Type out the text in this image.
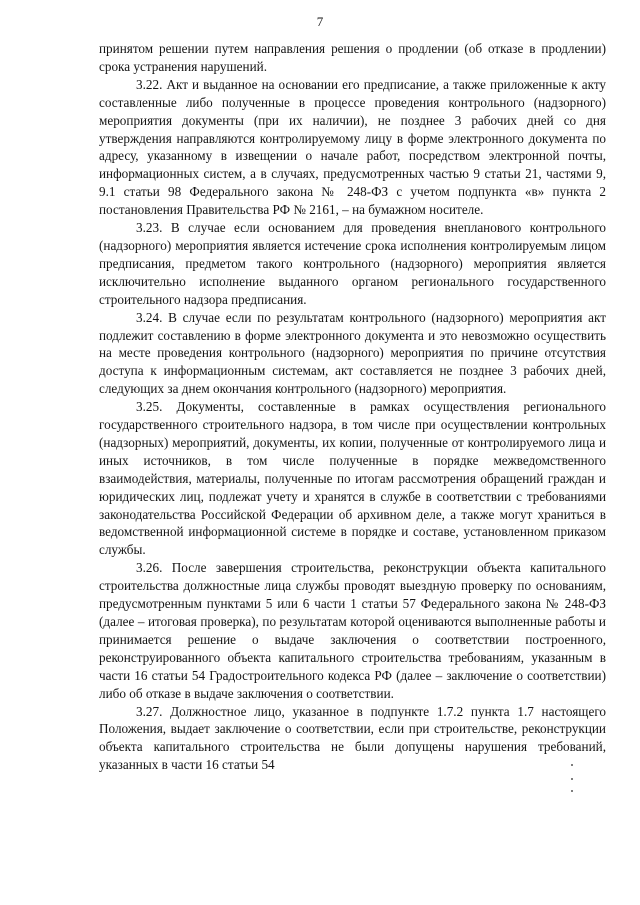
7

принятом решении путем направления решения о продлении (об отказе в продлении) срока устранения нарушений.

3.22. Акт и выданное на основании его предписание, а также приложенные к акту составленные либо полученные в процессе проведения контрольного (надзорного) мероприятия документы (при их наличии), не позднее 3 рабочих дней со дня утверждения направляются контролируемому лицу в форме электронного документа по адресу, указанному в извещении о начале работ, посредством электронной почты, информационных систем, а в случаях, предусмотренных частью 9 статьи 21, частями 9, 9.1 статьи 98 Федерального закона № 248-ФЗ с учетом подпункта «в» пункта 2 постановления Правительства РФ № 2161, – на бумажном носителе.

3.23. В случае если основанием для проведения внепланового контрольного (надзорного) мероприятия является истечение срока исполнения контролируемым лицом предписания, предметом такого контрольного (надзорного) мероприятия является исключительно исполнение выданного органом регионального государственного строительного надзора предписания.

3.24. В случае если по результатам контрольного (надзорного) мероприятия акт подлежит составлению в форме электронного документа и это невозможно осуществить на месте проведения контрольного (надзорного) мероприятия по причине отсутствия доступа к информационным системам, акт составляется не позднее 3 рабочих дней, следующих за днем окончания контрольного (надзорного) мероприятия.

3.25. Документы, составленные в рамках осуществления регионального государственного строительного надзора, в том числе при осуществлении контрольных (надзорных) мероприятий, документы, их копии, полученные от контролируемого лица и иных источников, в том числе полученные в порядке межведомственного взаимодействия, материалы, полученные по итогам рассмотрения обращений граждан и юридических лиц, подлежат учету и хранятся в службе в соответствии с требованиями законодательства Российской Федерации об архивном деле, а также могут храниться в ведомственной информационной системе в порядке и составе, установленном приказом службы.

3.26. После завершения строительства, реконструкции объекта капитального строительства должностные лица службы проводят выездную проверку по основаниям, предусмотренным пунктами 5 или 6 части 1 статьи 57 Федерального закона № 248-ФЗ (далее – итоговая проверка), по результатам которой оцениваются выполненные работы и принимается решение о выдаче заключения о соответствии построенного, реконструированного объекта капитального строительства требованиям, указанным в части 16 статьи 54 Градостроительного кодекса РФ (далее – заключение о соответствии) либо об отказе в выдаче заключения о соответствии.

3.27. Должностное лицо, указанное в подпункте 1.7.2 пункта 1.7 настоящего Положения, выдает заключение о соответствии, если при строительстве, реконструкции объекта капитального строительства не были допущены нарушения требований, указанных в части 16 статьи 54
